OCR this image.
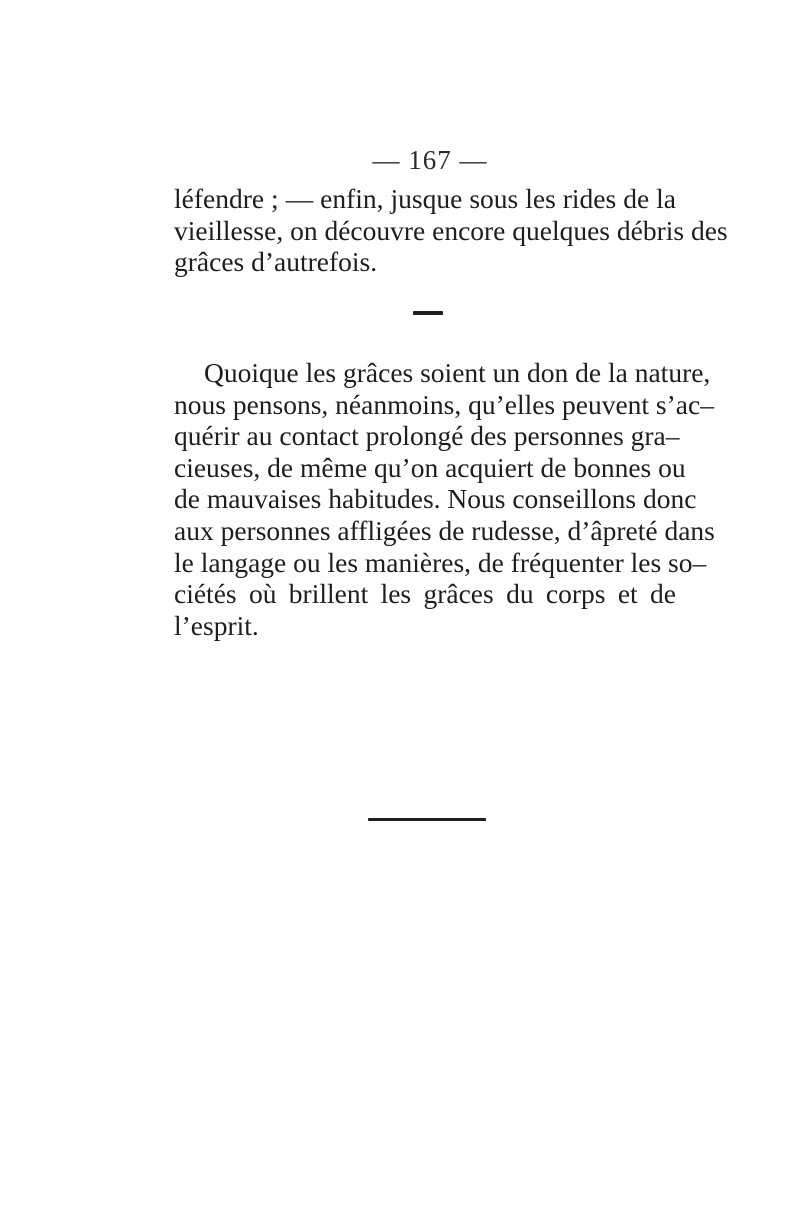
— 167 —
léfendre ; — enfin, jusque sous les rides de la
vieillesse, on découvre encore quelques débris des
grâces d’autrefois.
Quoique les grâces soient un don de la nature,
nous pensons, néanmoins, qu’elles peuvent s’ac–
quérir au contact prolongé des personnes gra–
cieuses, de même qu’on acquiert de bonnes ou
de mauvaises habitudes. Nous conseillons donc
aux personnes affligées de rudesse, d’âpreté dans
le langage ou les manières, de fréquenter les so–
ciétés où brillent les grâces du corps et de
l’esprit.
